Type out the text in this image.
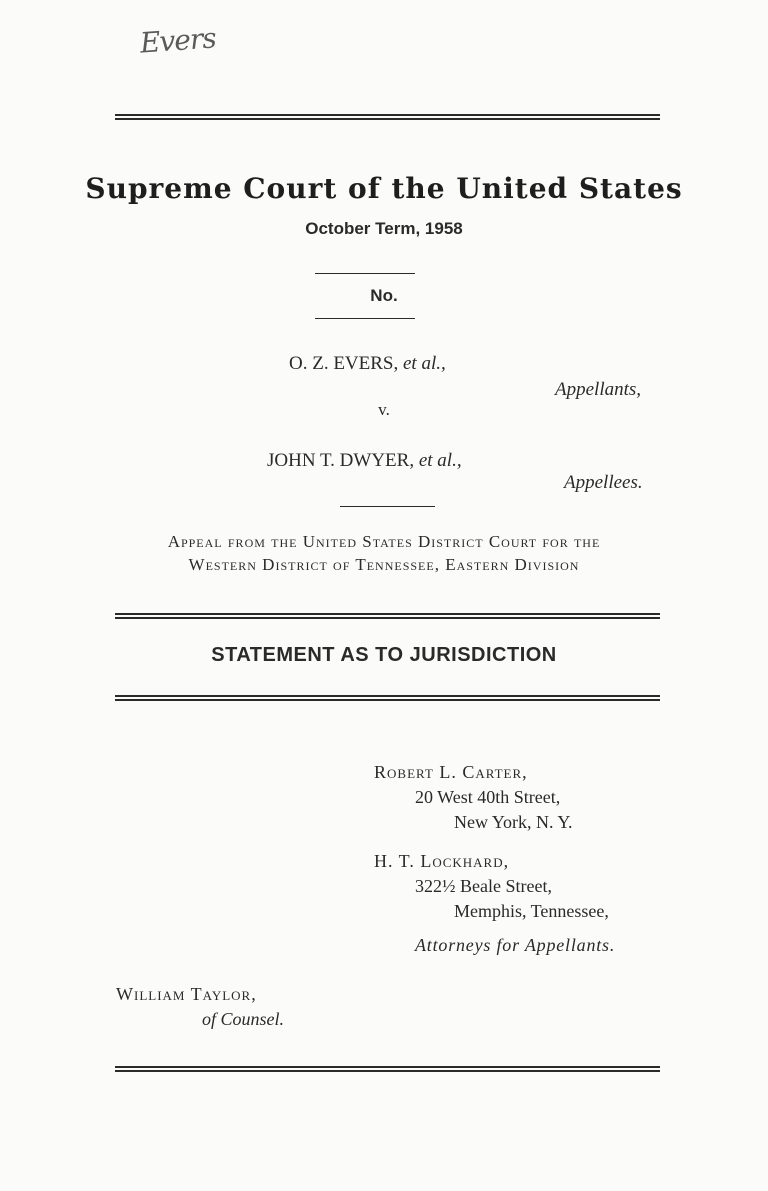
Evers
Supreme Court of the United States
October Term, 1958
No.
O. Z. EVERS, et al.,
Appellants,
v.
JOHN T. DWYER, et al.,
Appellees.
Appeal from the United States District Court for the
Western District of Tennessee, Eastern Division
STATEMENT AS TO JURISDICTION
Robert L. Carter,
20 West 40th Street,
New York, N. Y.
H. T. Lockhard,
322½ Beale Street,
Memphis, Tennessee,
Attorneys for Appellants.
William Taylor,
of Counsel.
